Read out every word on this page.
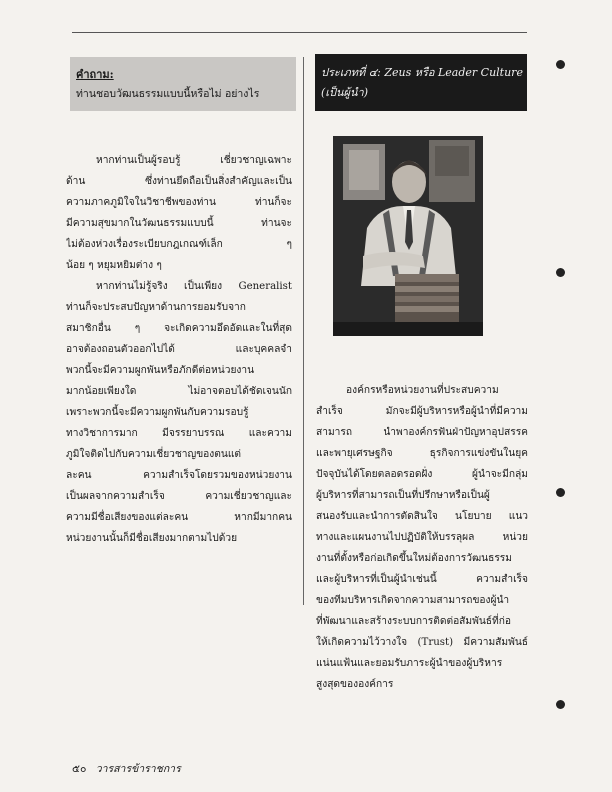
คำถาม:
ท่านชอบวัฒนธรรมแบบนี้หรือไม่ อย่างไร
ประเภทที่ ๔: Zeus หรือ Leader Culture
(เป็นผู้นำ)
หากท่านเป็นผู้รอบรู้ เชี่ยวชาญเฉพาะ
ด้าน ซึ่งท่านยึดถือเป็นสิ่งสำคัญและเป็น
ความภาคภูมิใจในวิชาชีพของท่าน ท่านก็จะ
มีความสุขมากในวัฒนธรรมแบบนี้ ท่านจะ
ไม่ต้องห่วงเรื่องระเบียบกฎเกณฑ์เล็ก ๆ
น้อย ๆ หยุมหยิมต่าง ๆ
หากท่านไม่รู้จริง เป็นเพียง Generalist
ท่านก็จะประสบปัญหาด้านการยอมรับจาก
สมาชิกอื่น ๆ จะเกิดความอึดอัดและในที่สุด
อาจต้องถอนตัวออกไปได้ และบุคคลจำ
พวกนี้จะมีความผูกพันหรือภักดีต่อหน่วยงาน
มากน้อยเพียงใด ไม่อาจตอบได้ชัดเจนนัก
เพราะพวกนี้จะมีความผูกพันกับความรอบรู้
ทางวิชาการมาก มีจรรยาบรรณ และความ
ภูมิใจติดไปกับความเชี่ยวชาญของตนแต่
ละคน ความสำเร็จโดยรวมของหน่วยงาน
เป็นผลจากความสำเร็จ ความเชี่ยวชาญและ
ความมีชื่อเสียงของแต่ละคน หากมีมากคน
หน่วยงานนั้นก็มีชื่อเสียงมากตามไปด้วย
องค์กรหรือหน่วยงานที่ประสบความ
สำเร็จ มักจะมีผู้บริหารหรือผู้นำที่มีความ
สามารถ นำพาองค์กรฟันฝ่าปัญหาอุปสรรค
และพายุเศรษฐกิจ ธุรกิจการแข่งขันในยุค
ปัจจุบันได้โดยตลอดรอดฝั่ง ผู้นำจะมีกลุ่ม
ผู้บริหารที่สามารถเป็นที่ปรึกษาหรือเป็นผู้
สนองรับและนำการตัดสินใจ นโยบาย แนว
ทางและแผนงานไปปฏิบัติให้บรรลุผล หน่วย
งานที่ตั้งหรือก่อเกิดขึ้นใหม่ต้องการวัฒนธรรม
และผู้บริหารที่เป็นผู้นำเช่นนี้ ความสำเร็จ
ของทีมบริหารเกิดจากความสามารถของผู้นำ
ที่พัฒนาและสร้างระบบการติดต่อสัมพันธ์ที่ก่อ
ให้เกิดความไว้วางใจ (Trust) มีความสัมพันธ์
แน่นแฟ้นและยอมรับภาระผู้นำของผู้บริหาร
สูงสุดขององค์การ
๕๐ วารสารข้าราชการ
